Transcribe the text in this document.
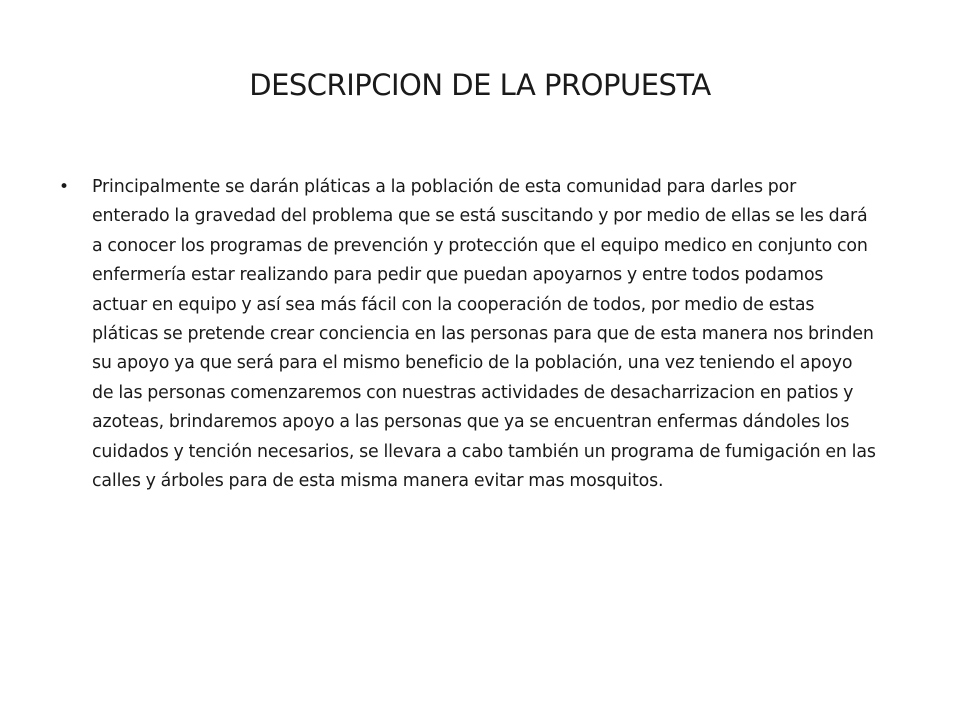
DESCRIPCION DE LA PROPUESTA
• Principalmente se darán pláticas a la población de esta comunidad para darles por enterado la gravedad del problema que se está suscitando y por medio de ellas se les dará a conocer los programas de prevención y protección que el equipo medico en conjunto con enfermería estar realizando para pedir que puedan apoyarnos y entre todos podamos actuar en equipo y así sea más fácil con la cooperación de todos, por medio de estas pláticas se pretende crear conciencia en las personas para que de esta manera nos brinden su apoyo ya que será para el mismo beneficio de la población, una vez teniendo el apoyo de las personas comenzaremos con nuestras actividades de desacharrizacion en patios y azoteas, brindaremos apoyo a las personas que ya se encuentran enfermas dándoles los cuidados y tención necesarios, se llevara a cabo también un programa de fumigación en las calles y árboles para de esta misma manera evitar mas mosquitos.
